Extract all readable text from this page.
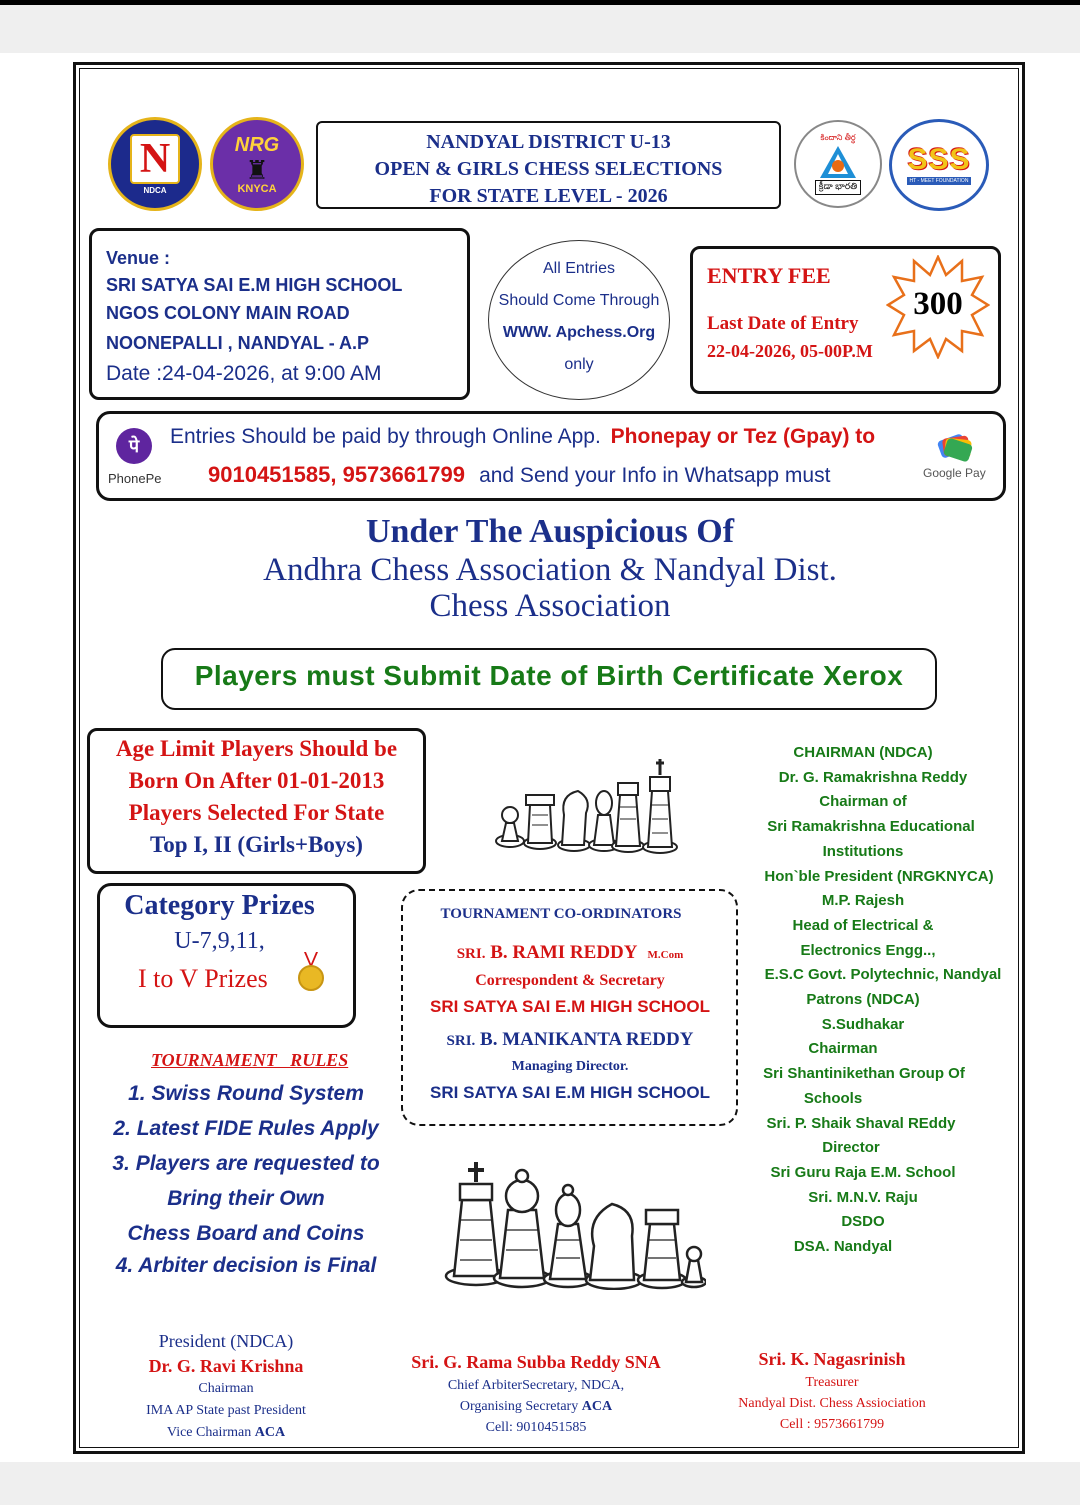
N
NDCA
NRG
♜
KNYCA
NANDYAL DISTRICT U-13
OPEN & GIRLS CHESS SELECTIONS
FOR STATE LEVEL - 2026
కిందాని తీర్థ
క్రీడా భారతి
SSS
HT - MEET FOUNDATION
Venue :
SRI SATYA SAI E.M HIGH SCHOOL
NGOS COLONY MAIN ROAD
NOONEPALLI , NANDYAL - A.P
Date :24-04-2026, at 9:00 AM
All Entries
Should Come Through
WWW. Apchess.Org
only
ENTRY FEE
Last Date of Entry
22-04-2026, 05-00P.M
300
पे
PhonePe
Entries Should be paid by through Online App. Phonepay or Tez (Gpay) to
9010451585, 9573661799 and Send your Info in Whatsapp must	Google Pay
Under The Auspicious Of
Andhra Chess Association & Nandyal Dist.
Chess Association
Players must Submit Date of Birth Certificate Xerox
Age Limit Players Should be
Born On After 01-01-2013
Players Selected For State
Top I, II (Girls+Boys)
Category Prizes
U-7,9,11,
I to V Prizes
TOURNAMENT   RULES
1. Swiss Round System
2. Latest FIDE Rules Apply
3. Players are requested to
Bring their Own
Chess Board and Coins
4. Arbiter decision is Final
TOURNAMENT CO-ORDINATORS
SRI. B. RAMI REDDY M.Com
Correspondent & Secretary
SRI SATYA SAI E.M HIGH SCHOOL
SRI. B. MANIKANTA REDDY
Managing Director.
SRI SATYA SAI E.M HIGH SCHOOL
CHAIRMAN (NDCA)
Dr. G. Ramakrishna Reddy
Chairman of
Sri Ramakrishna Educational
Institutions
Hon`ble President (NRGKNYCA)
M.P. Rajesh
Head of Electrical &
Electronics Engg..,
E.S.C Govt. Polytechnic, Nandyal
Patrons (NDCA)
S.Sudhakar
Chairman
Sri Shantinikethan Group Of
Schools
Sri. P. Shaik Shaval REddy
Director
Sri Guru Raja E.M. School
Sri. M.N.V. Raju
DSDO
DSA. Nandyal
President (NDCA)
Dr. G. Ravi Krishna
Chairman
IMA AP State past President
Vice Chairman ACA
Sri. G. Rama Subba Reddy SNA
Chief ArbiterSecretary, NDCA,
Organising Secretary ACA
Cell: 9010451585
Sri. K. Nagasrinish
Treasurer
Nandyal Dist. Chess Assiociation
Cell : 9573661799
